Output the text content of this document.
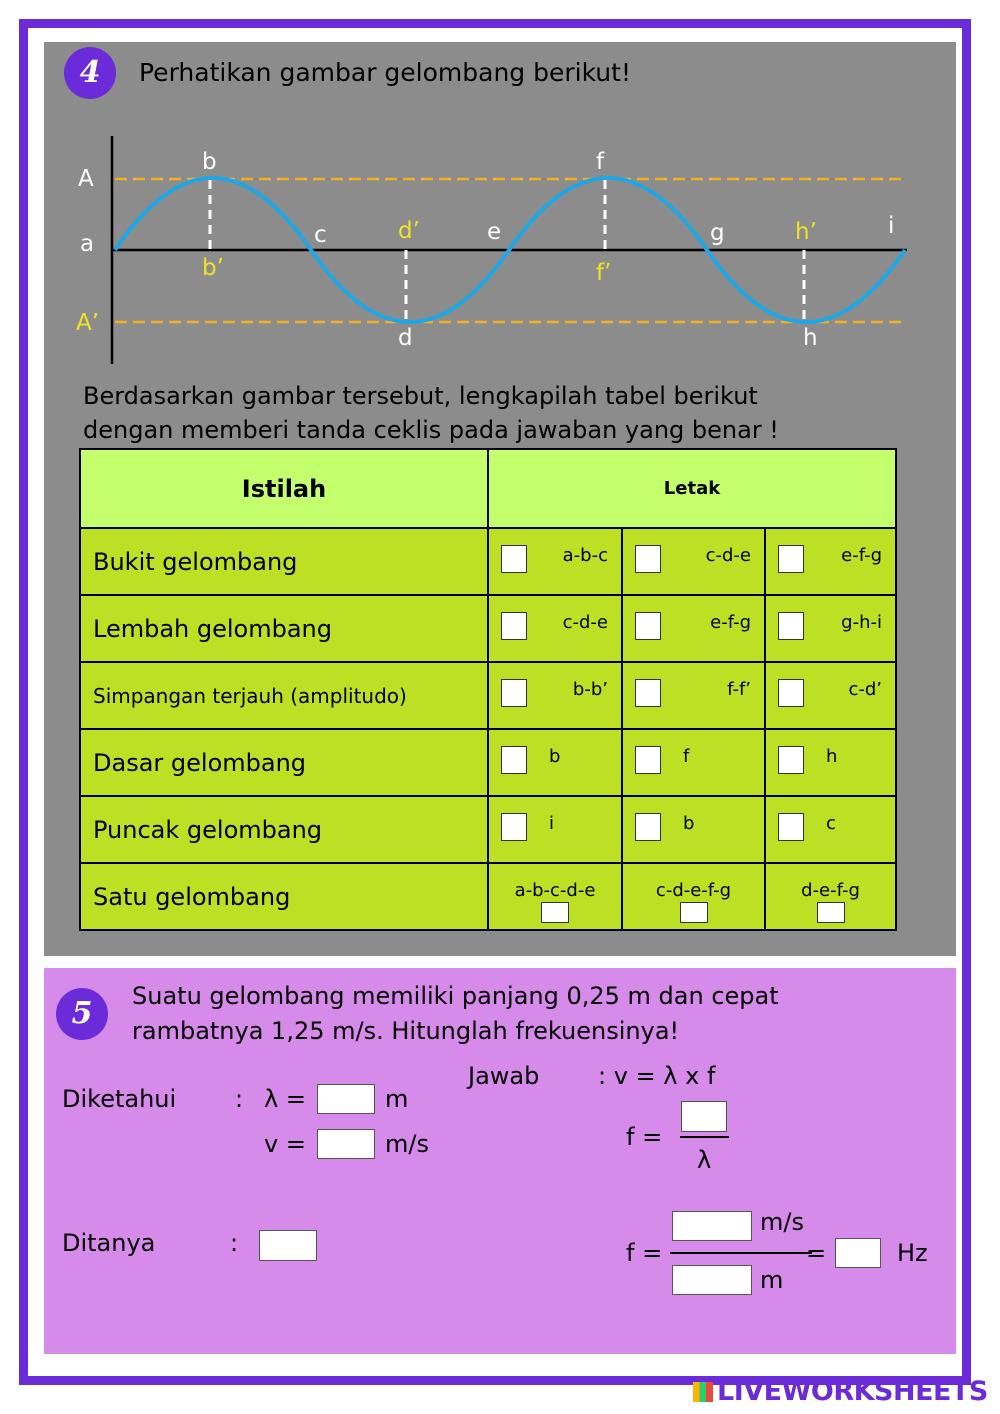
4	Perhatikan gambar gelombang berikut!
A
a
A’
b
b’
c	d’
d
e
f
f’
g	h’
h
i
Berdasarkan gambar tersebut, lengkapilah tabel berikut
dengan memberi tanda ceklis pada jawaban yang benar !
Istilah	Letak		
Bukit gelombang	a-b-c	c-d-e	e-f-g

Lembah gelombang	c-d-e	e-f-g	g-h-i

Simpangan terjauh (amplitudo)	b-b’	f-f’	c-d’

Dasar gelombang	b	f	h

Puncak gelombang	i	b	c

Satu gelombang	a-b-c-d-e	c-d-e-f-g	d-e-f-g
5	Suatu gelombang memiliki panjang 0,25 m dan cepat
rambatnya 1,25 m/s. Hitunglah frekuensinya!
Diketahui : λ =	m
v =	m/s
Jawab : v = λ x f
f =
λ
Ditanya	:	f =
m/s
m
=	Hz
LIVEWORKSHEETS
